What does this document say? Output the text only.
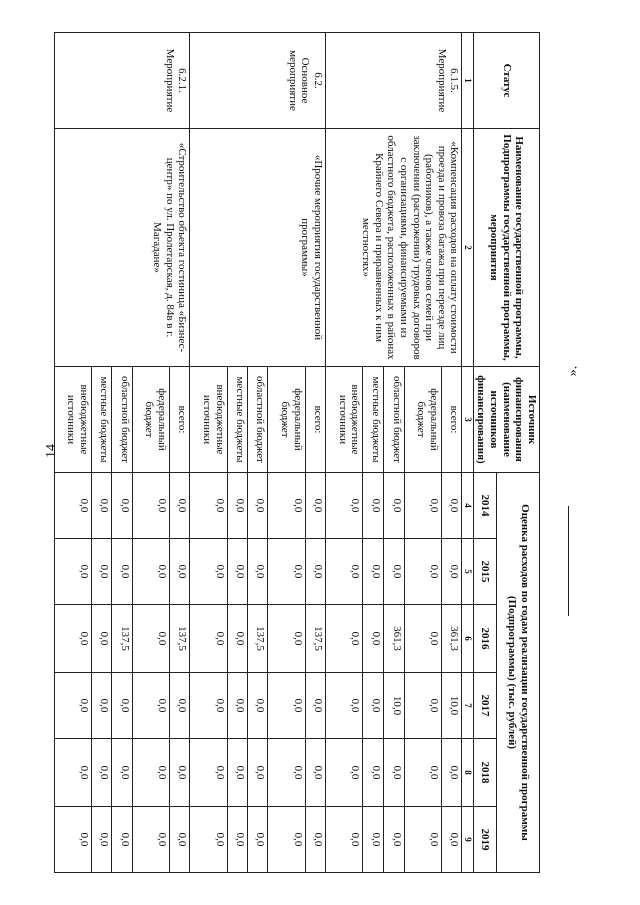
14
».
Статус	Наименование государственной программы, Подпрограммы государственной программы, мероприятия	Источник финансирования (наименование источников финансирования)	Оценка расходов по годам реализации государственной программы (Подпрограммы) (тыс. рублей)					
			2014	2015	2016	2017	2018	2019
1	2	3	4	5	6	7	8	9

6.1.5.
Мероприятие	«Компенсация расходов на оплату стоимости проезда и провоза багажа при переезде лиц (работников), а также членов семей при заключении (расторжении) трудовых договоров с организациями, финансируемыми из областного бюджета, расположенных в районах Крайнего Севера и приравненных к ним местностях»	всего:	0,0	0,0	361,3	10,0	0,0	0,0
		федеральный бюджет	0,0	0,0	0,0	0,0	0,0	0,0
		областной бюджет	0,0	0,0	361,3	10,0	0,0	0,0
		местные бюджеты	0,0	0,0	0,0	0,0	0,0	0,0
		внебюджетные источники	0,0	0,0	0,0	0,0	0,0	0,0

6.2.
Основное мероприятие	«Прочие мероприятия государственной программы»	всего:	0,0	0,0	137,5	0,0	0,0	0,0
		федеральный бюджет	0,0	0,0	0,0	0,0	0,0	0,0
		областной бюджет	0,0	0,0	137,5	0,0	0,0	0,0
		местные бюджеты	0,0	0,0	0,0	0,0	0,0	0,0
		внебюджетные источники	0,0	0,0	0,0	0,0	0,0	0,0

6.2.1.
Мероприятие	«Строительство объекта гостиница «Бизнес-центр» по ул. Пролетарская, д. 84в в г. Магадане»	всего:	0,0	0,0	137,5	0,0	0,0	0,0
		федеральный бюджет	0,0	0,0	0,0	0,0	0,0	0,0
		областной бюджет	0,0	0,0	137,5	0,0	0,0	0,0
		местные бюджеты	0,0	0,0	0,0	0,0	0,0	0,0
		внебюджетные источники	0,0	0,0	0,0	0,0	0,0	0,0
